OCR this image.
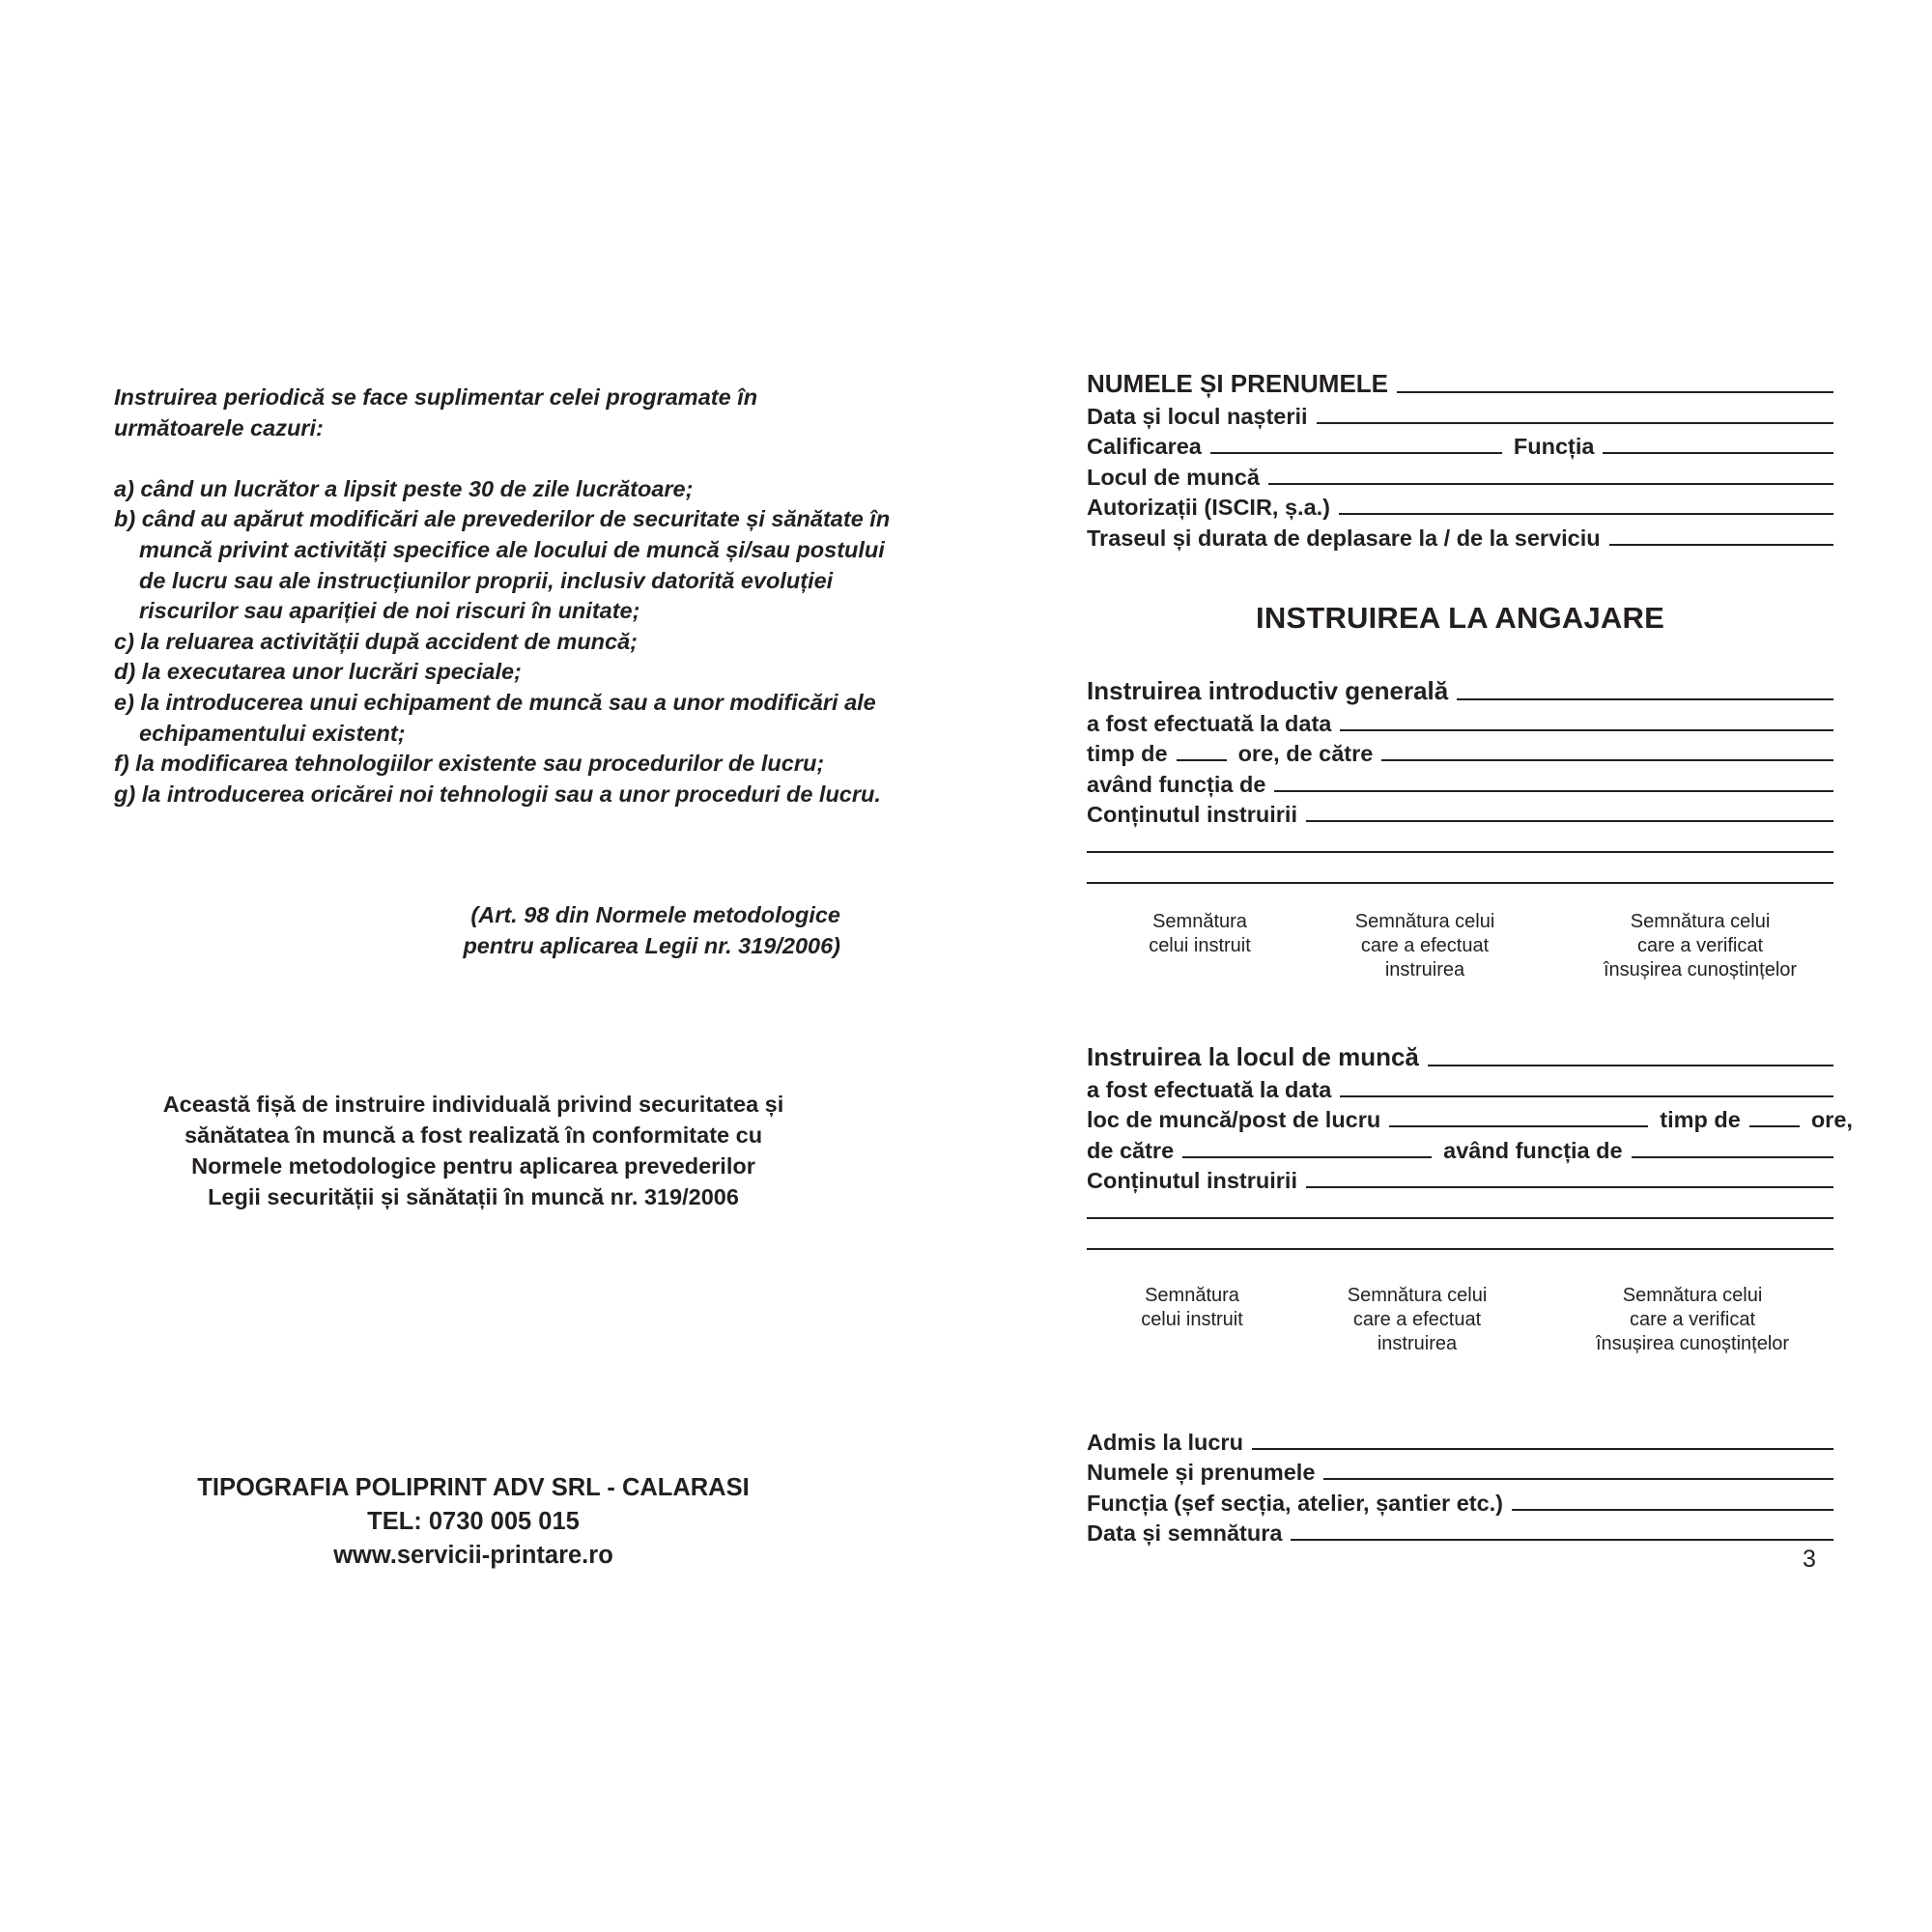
Instruirea periodică se face suplimentar celei programate în

următoarele cazuri:

a) când un lucrător a lipsit peste 30 de zile lucrătoare;
b) când au apărut modificări ale prevederilor de securitate și sănătate în muncă privint activități specifice ale locului de muncă și/sau postului de lucru sau ale instrucțiunilor proprii, inclusiv datorită evoluției riscurilor sau apariției de noi riscuri în unitate;
c) la reluarea activității după accident de muncă;
d) la executarea unor lucrări speciale;
e) la introducerea unui echipament de muncă sau a unor modificări ale echipamentului existent;
f) la modificarea tehnologiilor existente sau procedurilor de lucru;
g) la introducerea oricărei noi tehnologii sau a unor proceduri de lucru.
(Art. 98 din Normele metodologice
pentru aplicarea Legii nr. 319/2006)
Această fișă de instruire individuală privind securitatea și
sănătatea în muncă a fost realizată în conformitate cu
Normele metodologice pentru aplicarea prevederilor
Legii securității și sănătații în muncă nr. 319/2006
TIPOGRAFIA POLIPRINT ADV SRL - CALARASI
TEL: 0730 005 015
www.servicii-printare.ro
NUMELE ȘI PRENUMELE
Data și locul nașterii
Calificarea	Funcția
Locul de muncă
Autorizații (ISCIR, ș.a.)
Traseul și durata de deplasare la / de la serviciu
INSTRUIREA LA ANGAJARE
Instruirea introductiv generală
a fost efectuată la data
timp de	ore, de către
având funcția de
Conținutul instruirii
Semnătura
celui instruit
Semnătura celui
care a efectuat
instruirea
Semnătura celui
care a verificat
însușirea cunoștințelor
Instruirea la locul de muncă
a fost efectuată la data
loc de muncă/post de lucru	timp de	ore,
de către	având funcția de
Conținutul instruirii
Semnătura
celui instruit
Semnătura celui
care a efectuat
instruirea
Semnătura celui
care a verificat
însușirea cunoștințelor
Admis la lucru
Numele și prenumele
Funcția (șef secția, atelier, șantier etc.)
Data și semnătura
3
